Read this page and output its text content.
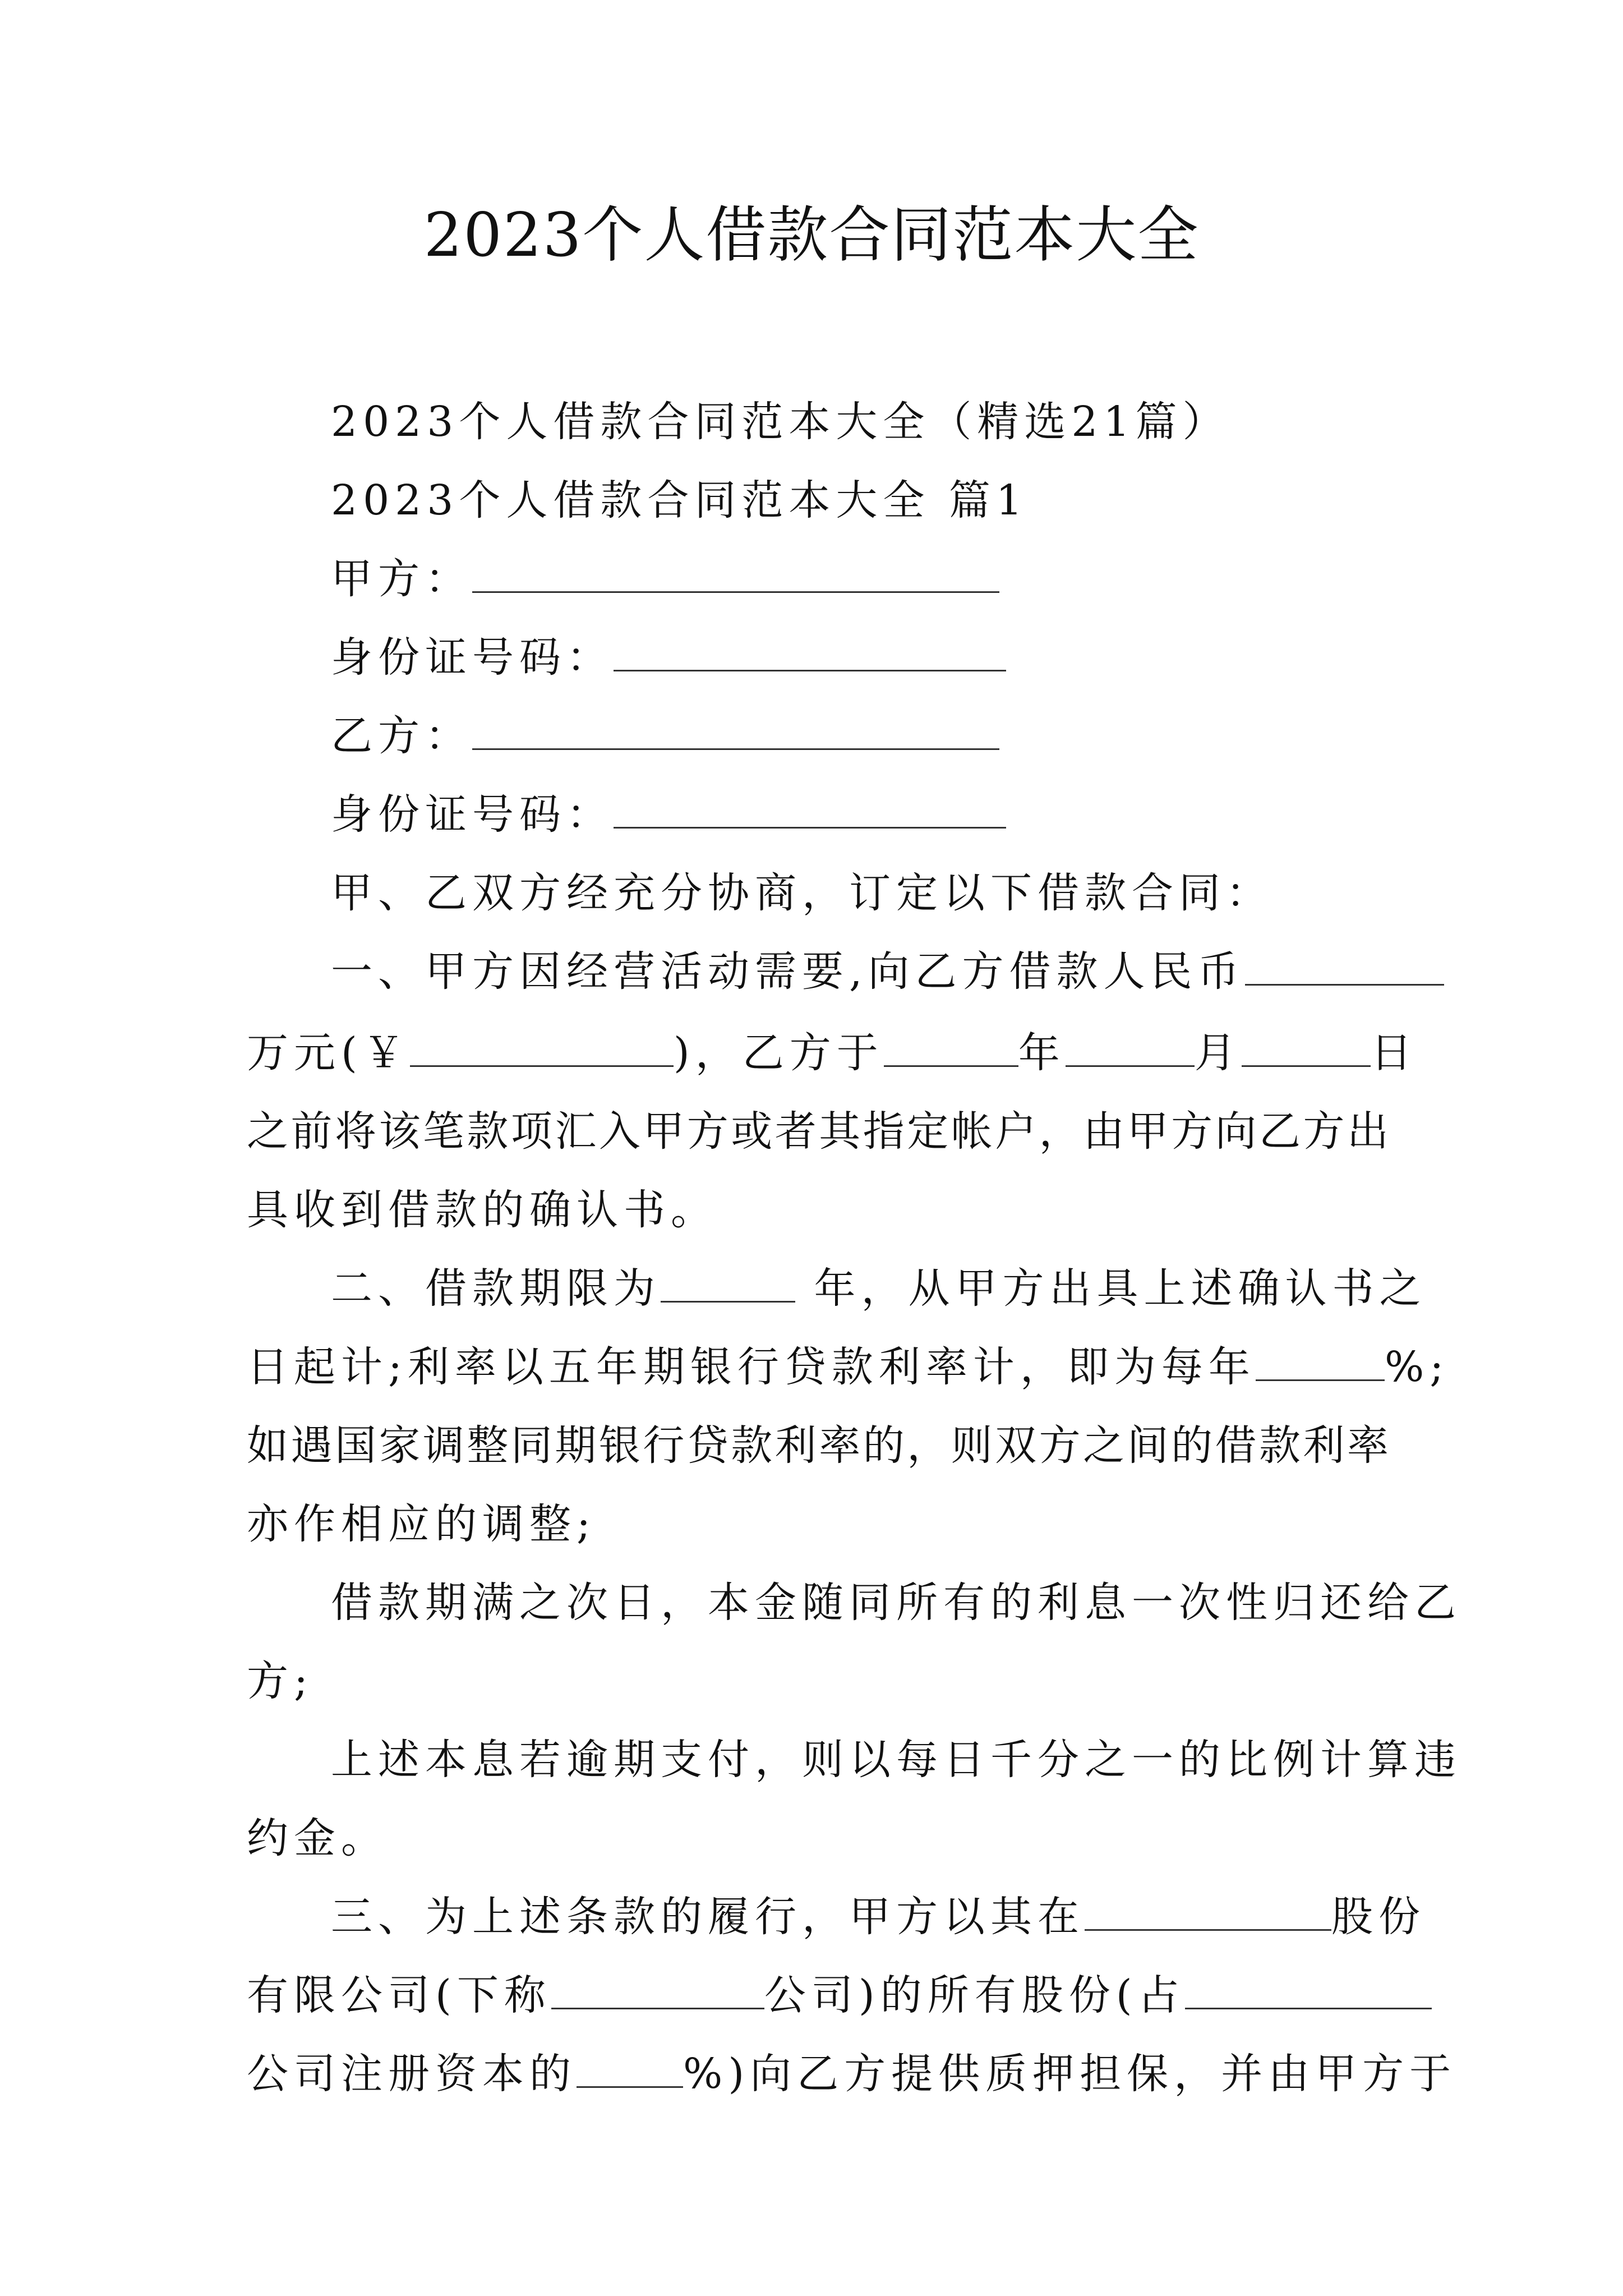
2023个人借款合同范本大全
2023个人借款合同范本大全（精选21篇）
2023个人借款合同范本大全 篇1
甲方：
身份证号码：
乙方：
身份证号码：
甲、乙双方经充分协商，订定以下借款合同：
一、甲方因经营活动需要,向乙方借款人民币
万元(￥	)，乙方于	年	月	日
之前将该笔款项汇入甲方或者其指定帐户，由甲方向乙方出
具收到借款的确认书。
二、借款期限为	年，从甲方出具上述确认书之
日起计;利率以五年期银行贷款利率计，即为每年	%;
如遇国家调整同期银行贷款利率的，则双方之间的借款利率
亦作相应的调整;
借款期满之次日，本金随同所有的利息一次性归还给乙
方;
上述本息若逾期支付，则以每日千分之一的比例计算违
约金。
三、为上述条款的履行，甲方以其在	股份
有限公司(下称	公司)的所有股份(占
公司注册资本的	%)向乙方提供质押担保，并由甲方于
